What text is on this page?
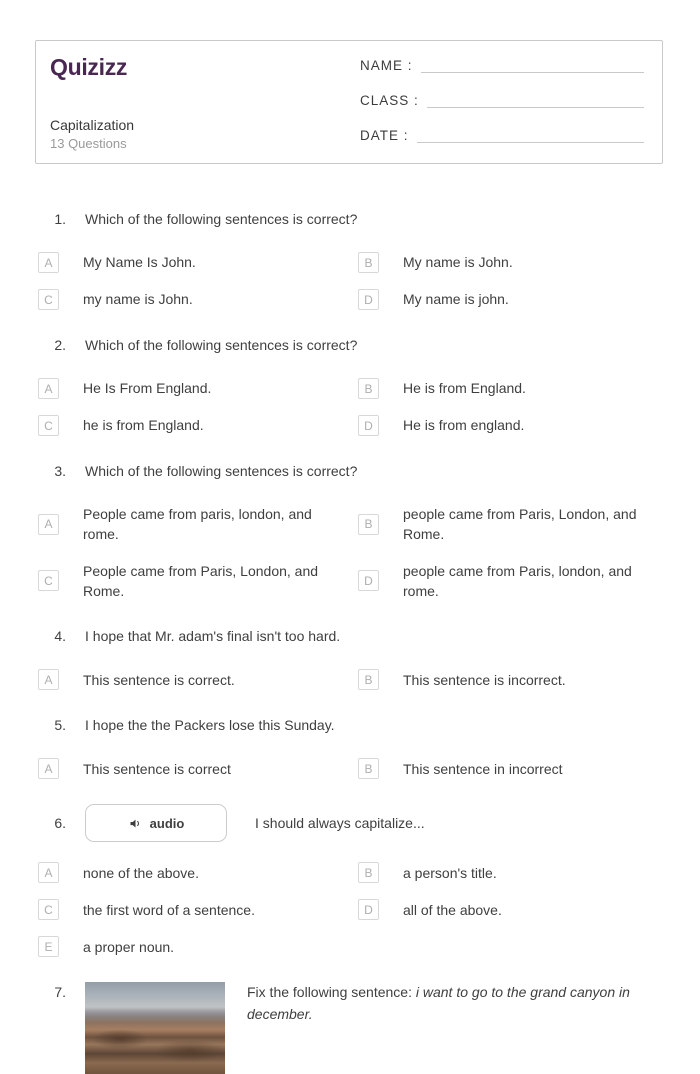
Quizizz
Capitalization
13 Questions
NAME :
CLASS :
DATE :
1. Which of the following sentences is correct?
A	My Name Is John.	B	My name is John.
C	my name is John.	D	My name is john.
2. Which of the following sentences is correct?
A	He Is From England.	B	He is from England.
C	he is from England.	D	He is from england.
3. Which of the following sentences is correct?
A
People came from paris, london, and rome.
B
people came from Paris, London, and Rome.
C
People came from Paris, London, and Rome.
D
people came from Paris, london, and rome.
4. I hope that Mr. adam's final isn't too hard.
A	This sentence is correct.	B	This sentence is incorrect.
5. I hope the the Packers lose this Sunday.
A	This sentence is correct	B	This sentence in incorrect
6.	audio	I should always capitalize...
A	none of the above.	B	a person's title.
C	the first word of a sentence.	D	all of the above.
E	a proper noun.
7.	Fix the following sentence: i want to go to the grand canyon in december.
